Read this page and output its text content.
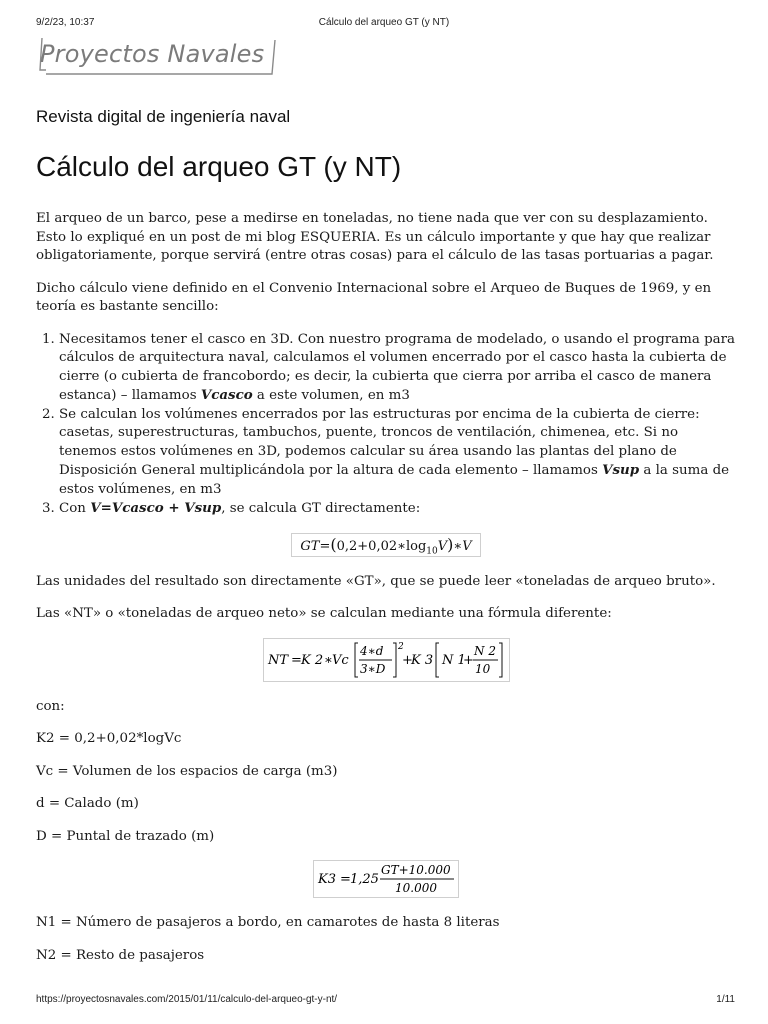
9/2/23, 10:37	Cálculo del arqueo GT (y NT)
Proyectos Navales
Revista digital de ingeniería naval
Cálculo del arqueo GT (y NT)

El arqueo de un barco, pese a medirse en toneladas, no tiene nada que ver con su desplazamiento. Esto lo expliqué en un post de mi blog ESQUERIA. Es un cálculo importante y que hay que realizar obligatoriamente, porque servirá (entre otras cosas) para el cálculo de las tasas portuarias a pagar.

Dicho cálculo viene definido en el Convenio Internacional sobre el Arqueo de Buques de 1969, y en teoría es bastante sencillo:

1. Necesitamos tener el casco en 3D. Con nuestro programa de modelado, o usando el programa para cálculos de arquitectura naval, calculamos el volumen encerrado por el casco hasta la cubierta de cierre (o cubierta de francobordo; es decir, la cubierta que cierra por arriba el casco de manera estanca) – llamamos Vcasco a este volumen, en m3
2. Se calculan los volúmenes encerrados por las estructuras por encima de la cubierta de cierre: casetas, superestructuras, tambuchos, puente, troncos de ventilación, chimenea, etc. Si no tenemos estos volúmenes en 3D, podemos calcular su área usando las plantas del plano de Disposición General multiplicándola por la altura de cada elemento – llamamos Vsup a la suma de estos volúmenes, en m3
3. Con V=Vcasco + Vsup, se calcula GT directamente:
$GT=(0,2+0,02∗\log_{10}V)∗V$

Las unidades del resultado son directamente «GT», que se puede leer «toneladas de arqueo bruto».

Las «NT» o «toneladas de arqueo neto» se calculan mediante una fórmula diferente:

NT = K 2 ∗ Vc
4∗d
3∗D
2
+
K 3 N 1
+
N 2
10

con:

K2 = 0,2+0,02*logVc

Vc = Volumen de los espacios de carga (m3)

d = Calado (m)

D = Puntal de trazado (m)

K3 = 1,25
GT+10.000
10.000

N1 = Número de pasajeros a bordo, en camarotes de hasta 8 literas

N2 = Resto de pasajeros

https://proyectosnavales.com/2015/01/11/calculo-del-arqueo-gt-y-nt/	1/11
